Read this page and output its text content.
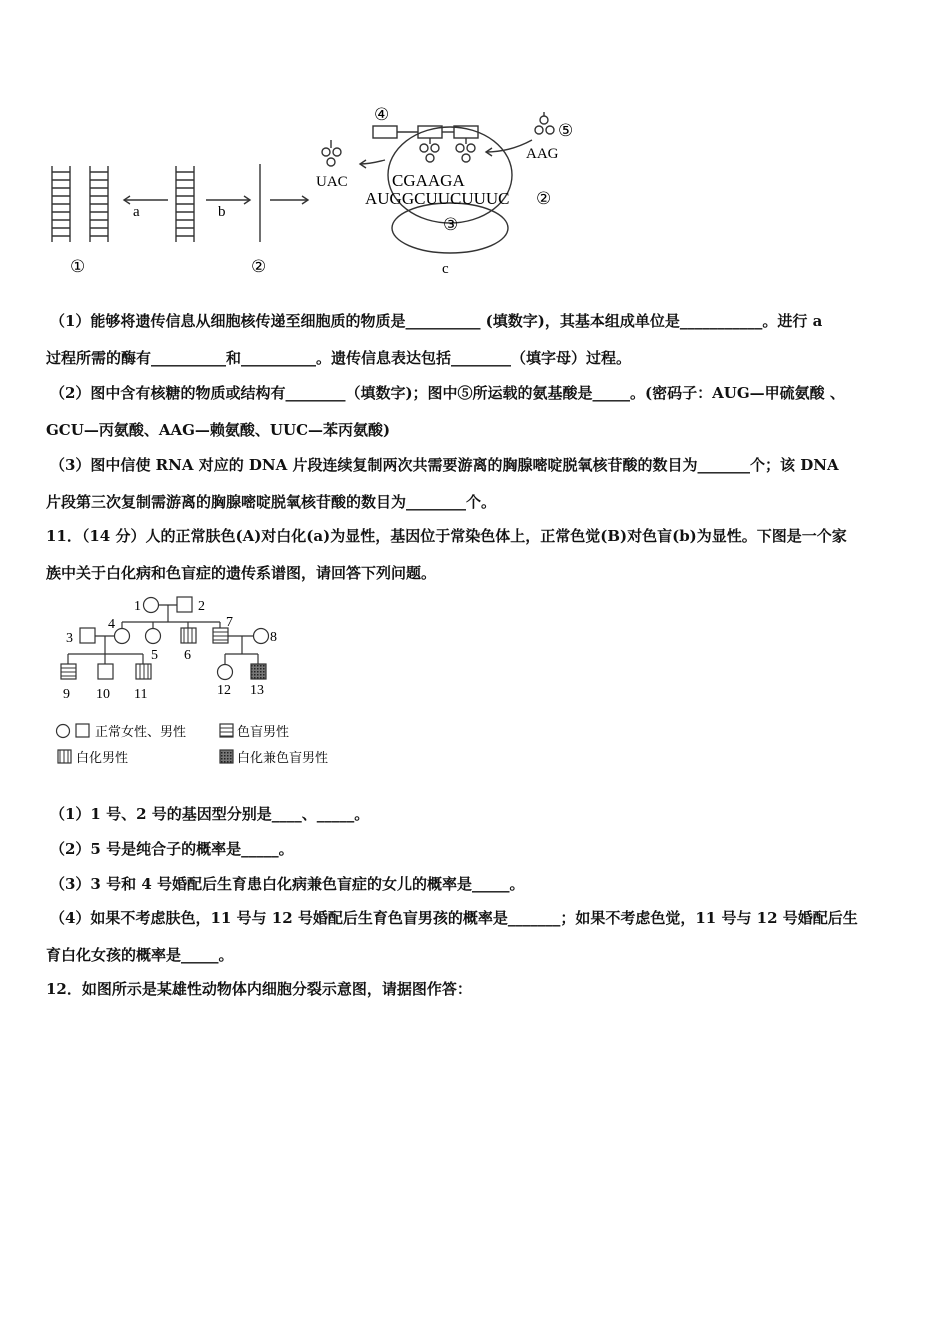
a	b
c
①	②
④
⑤
③
②
UAC
AAG
CGAAGA
AUGGCUUCUUUC
（1）能够将遗传信息从细胞核传递至细胞质的物质是__________ (填数字)，其基本组成单位是___________。进行 a
过程所需的酶有__________和__________。遗传信息表达包括________（填字母）过程。
（2）图中含有核糖的物质或结构有________（填数字)；图中⑤所运载的氨基酸是_____。(密码子：AUG—甲硫氨酸 、
GCU—丙氨酸、AAG—赖氨酸、UUC—苯丙氨酸)
（3）图中信使 RNA 对应的 DNA 片段连续复制两次共需要游离的胸腺嘧啶脱氧核苷酸的数目为_______个；该 DNA
片段第三次复制需游离的胸腺嘧啶脱氧核苷酸的数目为________个。
11．（14 分）人的正常肤色(A)对白化(a)为显性，基因位于常染色体上，正常色觉(B)对色盲(b)为显性。下图是一个家
族中关于白化病和色盲症的遗传系谱图，请回答下列问题。
1	2
3
4
5 6
7
8
9 10 11	12 13
正常女性、男性	色盲男性
白化男性	白化兼色盲男性
（1）1 号、2 号的基因型分别是____、_____。
（2）5 号是纯合子的概率是_____。
（3）3 号和 4 号婚配后生育患白化病兼色盲症的女儿的概率是_____。
（4）如果不考虑肤色，11 号与 12 号婚配后生育色盲男孩的概率是_______；如果不考虑色觉，11 号与 12 号婚配后生
育白化女孩的概率是_____。
12．如图所示是某雄性动物体内细胞分裂示意图，请据图作答：
